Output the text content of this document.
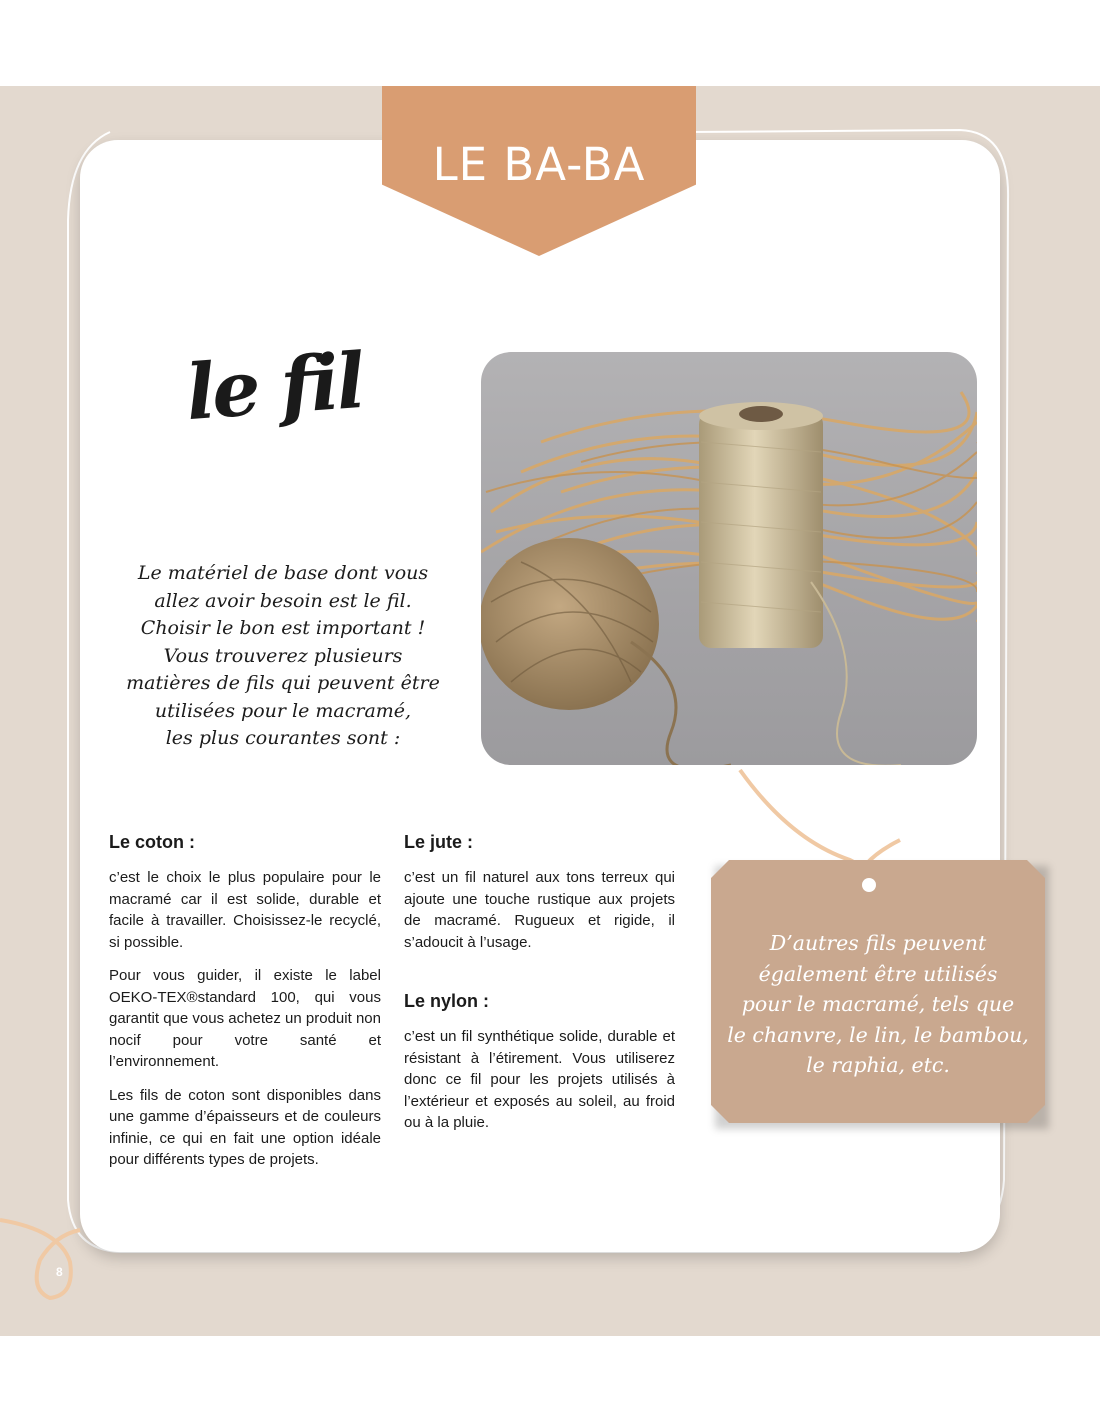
LE BA-BA
le fil
Le matériel de base dont vous
allez avoir besoin est le fil.
Choisir le bon est important !
Vous trouverez plusieurs
matières de fils qui peuvent être
utilisées pour le macramé,
les plus courantes sont :
Le coton :

c’est le choix le plus populaire pour le macramé car il est solide, durable et facile à travailler. Choisissez-le recyclé, si possible.

Pour vous guider, il existe le label OEKO-TEX®standard 100, qui vous garantit que vous achetez un produit non nocif pour votre santé et l’environnement.

Les fils de coton sont disponibles dans une gamme d’épaisseurs et de couleurs infinie, ce qui en fait une option idéale pour différents types de projets.

Le jute :

c’est un fil naturel aux tons terreux qui ajoute une touche rustique aux projets de macramé. Rugueux et rigide, il s’adoucit à l’usage.

Le nylon :

c’est un fil synthétique solide, durable et résistant à l’étirement. Vous utiliserez donc ce fil pour les projets utilisés à l’extérieur et exposés au soleil, au froid ou à la pluie.

D’autres fils peuvent
également être utilisés
pour le macramé, tels que
le chanvre, le lin, le bambou,
le raphia, etc.
8
